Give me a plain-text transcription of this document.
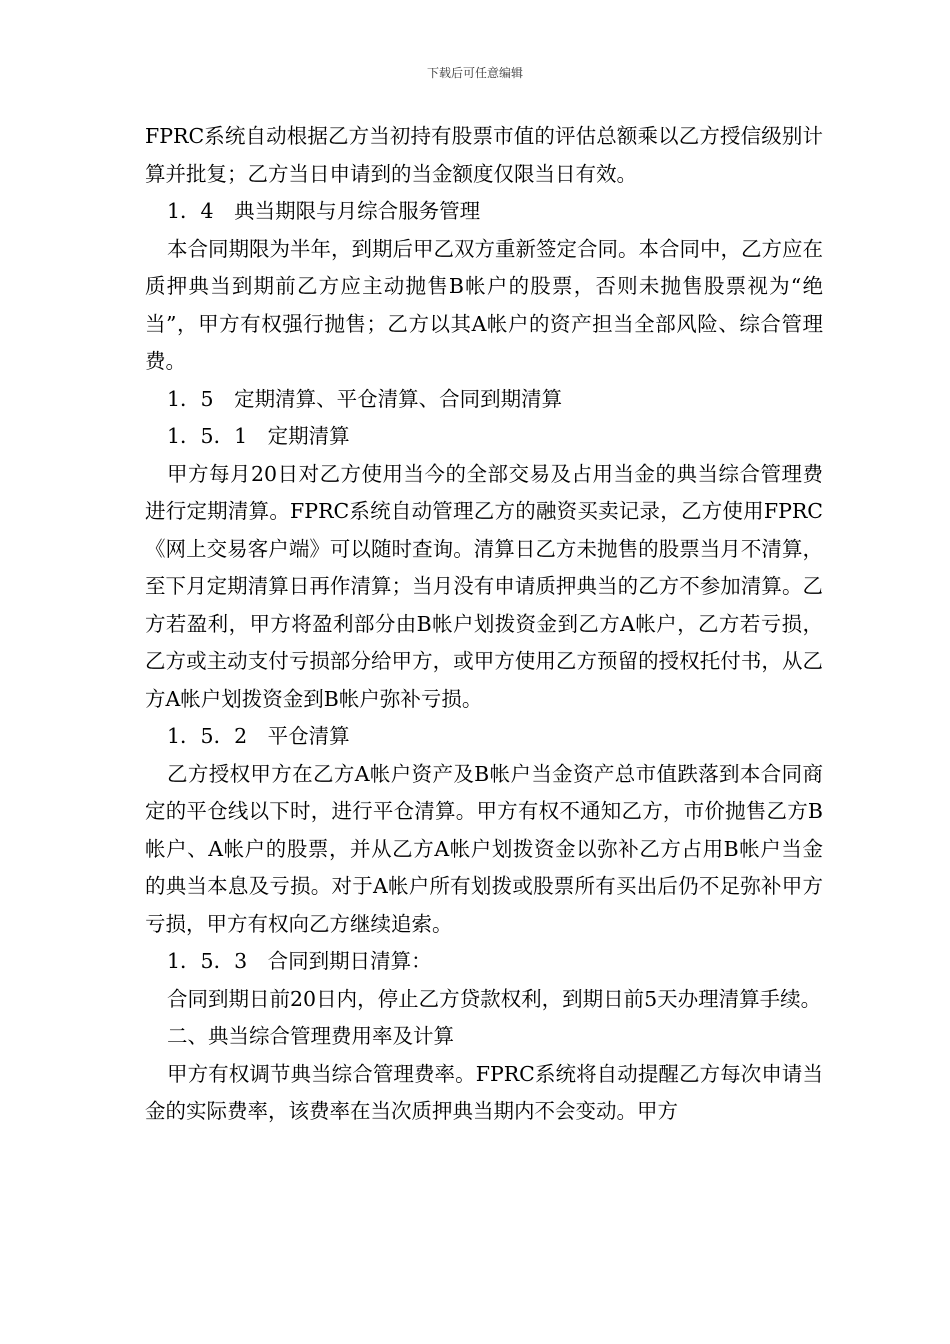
下载后可任意编辑

FPRC系统自动根据乙方当初持有股票市值的评估总额乘以乙方授信级别计算并批复；乙方当日申请到的当金额度仅限当日有效。

1．4　典当期限与月综合服务管理

本合同期限为半年，到期后甲乙双方重新签定合同。本合同中，乙方应在质押典当到期前乙方应主动抛售B帐户的股票，否则未抛售股票视为“绝当”，甲方有权强行抛售；乙方以其A帐户的资产担当全部风险、综合管理费。

1．5　定期清算、平仓清算、合同到期清算

1．5．1　定期清算

甲方每月20日对乙方使用当今的全部交易及占用当金的典当综合管理费进行定期清算。FPRC系统自动管理乙方的融资买卖记录，乙方使用FPRC《网上交易客户端》可以随时查询。清算日乙方未抛售的股票当月不清算，至下月定期清算日再作清算；当月没有申请质押典当的乙方不参加清算。乙方若盈利，甲方将盈利部分由B帐户划拨资金到乙方A帐户，乙方若亏损，乙方或主动支付亏损部分给甲方，或甲方使用乙方预留的授权托付书，从乙方A帐户划拨资金到B帐户弥补亏损。

1．5．2　平仓清算

乙方授权甲方在乙方A帐户资产及B帐户当金资产总市值跌落到本合同商定的平仓线以下时，进行平仓清算。甲方有权不通知乙方，市价抛售乙方B帐户、A帐户的股票，并从乙方A帐户划拨资金以弥补乙方占用B帐户当金的典当本息及亏损。对于A帐户所有划拨或股票所有买出后仍不足弥补甲方亏损，甲方有权向乙方继续追索。

1．5．3　合同到期日清算：

合同到期日前20日内，停止乙方贷款权利，到期日前5天办理清算手续。

二、典当综合管理费用率及计算

甲方有权调节典当综合管理费率。FPRC系统将自动提醒乙方每次申请当金的实际费率，该费率在当次质押典当期内不会变动。甲方
